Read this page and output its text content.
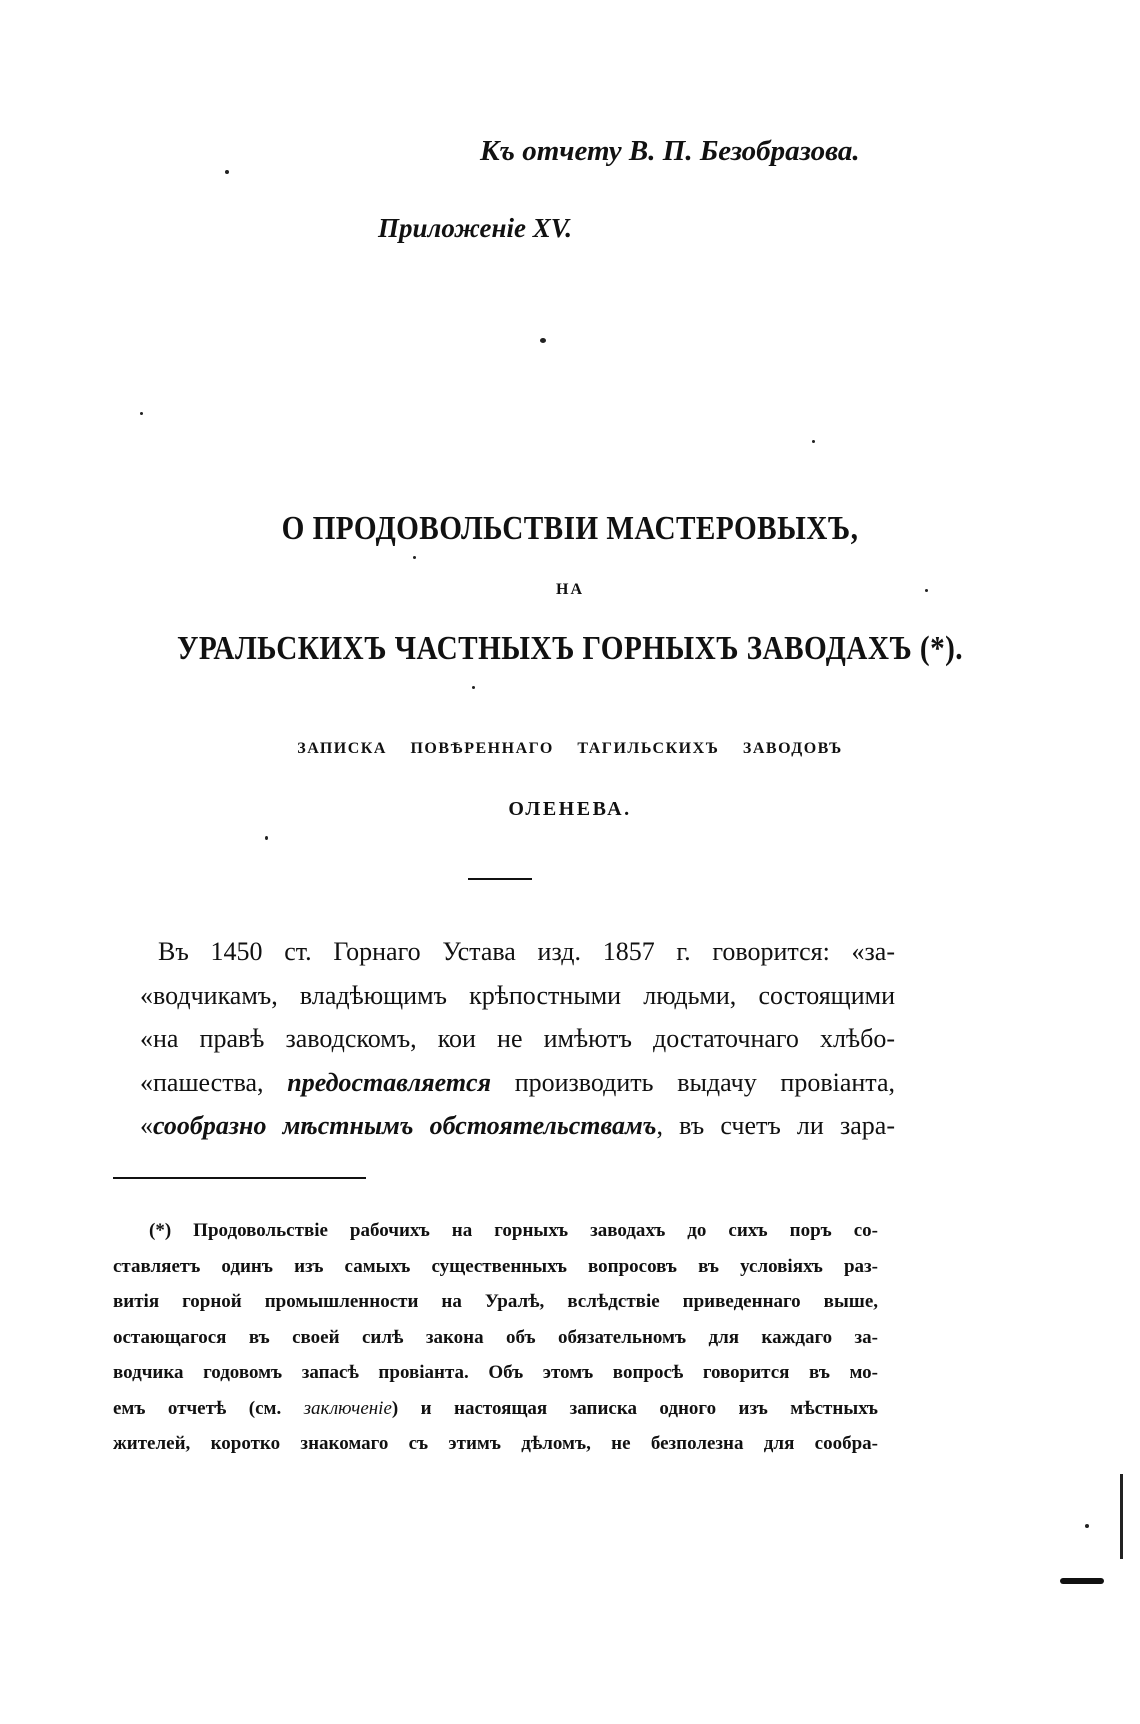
Къ отчету В. П. Безобразова.
Приложеніе XV.
О ПРОДОВОЛЬСТВІИ МАСТЕРОВЫХЪ,
НА
УРАЛЬСКИХЪ ЧАСТНЫХЪ ГОРНЫХЪ ЗАВОДАХЪ (*).
ЗАПИСКА ПОВѢРЕННАГО ТАГИЛЬСКИХЪ ЗАВОДОВЪ
ОЛЕНЕВА.
Въ 1450 ст. Горнаго Устава изд. 1857 г. говорится: «за-
«водчикамъ, владѣющимъ крѣпостными людьми, состоящими
«на правѣ заводскомъ, кои не имѣютъ достаточнаго хлѣбо-
«пашества, предоставляется производить выдачу провіанта,
«сообразно мѣстнымъ обстоятельствамъ, въ счетъ ли зара-
(*) Продовольствіе рабочихъ на горныхъ заводахъ до сихъ поръ со-
ставляетъ одинъ изъ самыхъ существенныхъ вопросовъ въ условіяхъ раз-
витія горной промышленности на Уралѣ, вслѣдствіе приведеннаго выше,
остающагося въ своей силѣ закона объ обязательномъ для каждаго за-
водчика годовомъ запасѣ провіанта. Объ этомъ вопросѣ говорится въ мо-
емъ отчетѣ (см. заключеніе) и настоящая записка одного изъ мѣстныхъ
жителей, коротко знакомаго съ этимъ дѣломъ, не безполезна для сообра-
